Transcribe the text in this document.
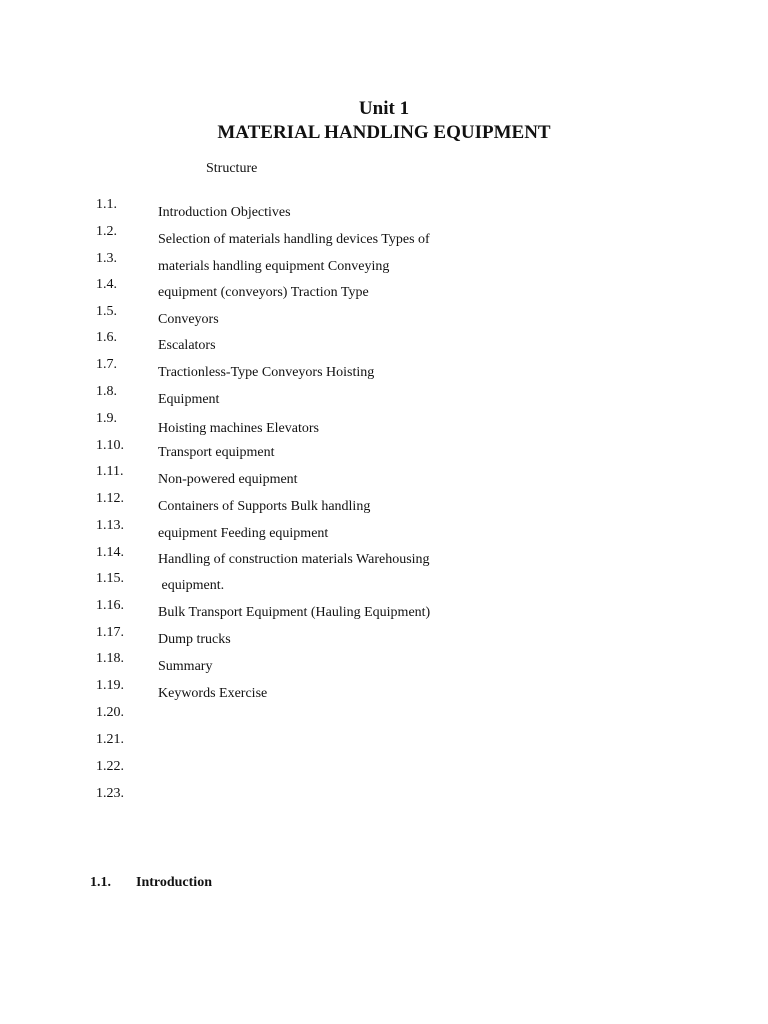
Unit 1
MATERIAL HANDLING EQUIPMENT
Structure
1.1.
1.2.
1.3.
1.4.
1.5.
1.6.
1.7.
1.8.
1.9.
1.10.
1.11.
1.12.
1.13.
1.14.
1.15.
1.16.
1.17.
1.18.
1.19.
1.20.
1.21.
1.22.
1.23.
Introduction Objectives
Selection of materials handling devices Types of
materials handling equipment Conveying
equipment (conveyors) Traction Type
Conveyors
Escalators
Tractionless-Type Conveyors Hoisting
Equipment
Hoisting machines Elevators
Transport equipment
Non-powered equipment
Containers of Supports Bulk handling
equipment Feeding equipment
Handling of construction materials Warehousing
equipment.
Bulk Transport Equipment (Hauling Equipment)
Dump trucks
Summary
Keywords Exercise
1.1. Introduction
